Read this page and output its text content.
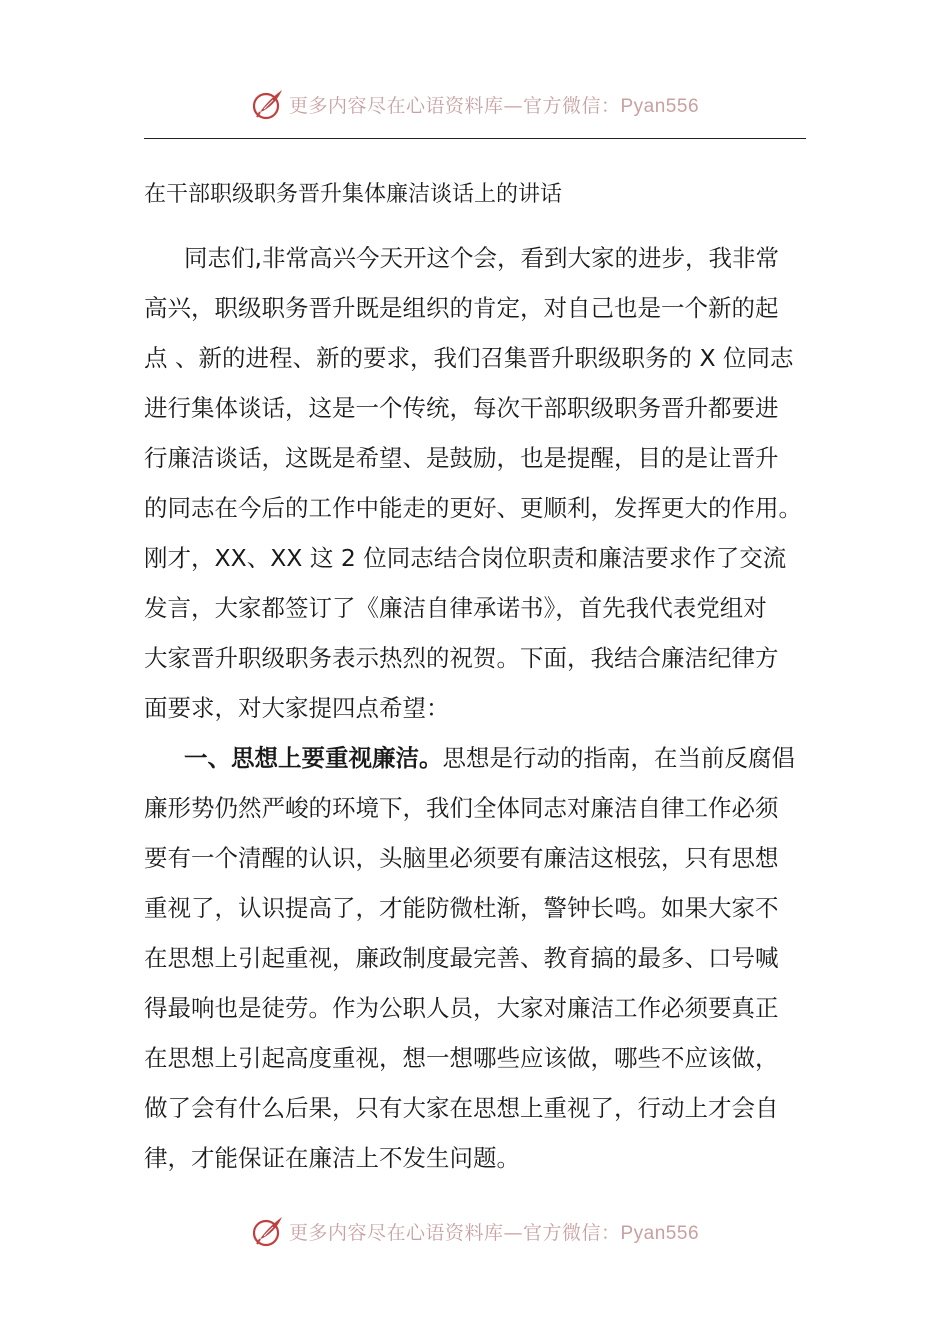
更多内容尽在心语资料库—官方微信：Pyan556
在干部职级职务晋升集体廉洁谈话上的讲话
同志们,非常高兴今天开这个会，看到大家的进步，我非常
高兴，职级职务晋升既是组织的肯定，对自己也是一个新的起
点 、新的进程、新的要求，我们召集晋升职级职务的 X 位同志
进行集体谈话，这是一个传统，每次干部职级职务晋升都要进
行廉洁谈话，这既是希望、是鼓励，也是提醒，目的是让晋升
的同志在今后的工作中能走的更好、更顺利，发挥更大的作用。
刚才，XX、XX 这 2 位同志结合岗位职责和廉洁要求作了交流
发言，大家都签订了《廉洁自律承诺书》，首先我代表党组对
大家晋升职级职务表示热烈的祝贺。下面，我结合廉洁纪律方
面要求，对大家提四点希望：
一、思想上要重视廉洁。思想是行动的指南，在当前反腐倡
廉形势仍然严峻的环境下，我们全体同志对廉洁自律工作必须
要有一个清醒的认识，头脑里必须要有廉洁这根弦，只有思想
重视了，认识提高了，才能防微杜渐，警钟长鸣。如果大家不
在思想上引起重视，廉政制度最完善、教育搞的最多、口号喊
得最响也是徒劳。作为公职人员，大家对廉洁工作必须要真正
在思想上引起高度重视，想一想哪些应该做，哪些不应该做，
做了会有什么后果，只有大家在思想上重视了，行动上才会自
律，才能保证在廉洁上不发生问题。
更多内容尽在心语资料库—官方微信：Pyan556
